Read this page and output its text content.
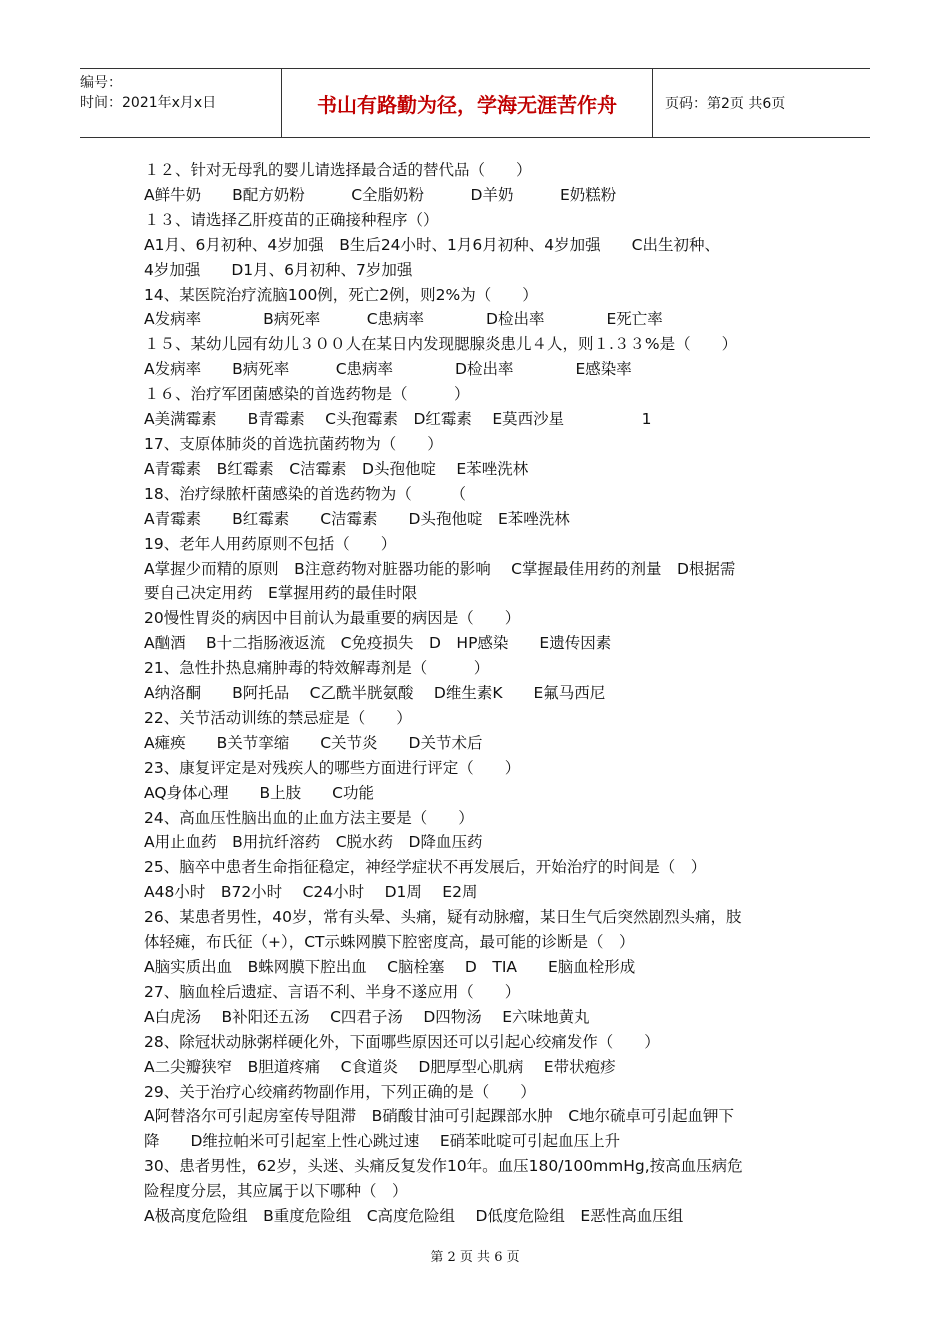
编号：
时间：2021年x月x日	书山有路勤为径，学海无涯苦作舟	页码：第2页 共6页
１２、针对无母乳的婴儿请选择最合适的替代品（　　）
A鲜牛奶　　B配方奶粉　　　C全脂奶粉　　　D羊奶　　　E奶糕粉
１３、请选择乙肝疫苗的正确接种程序（）
A1月、6月初种、4岁加强　B生后24小时、1月6月初种、4岁加强　　C出生初种、
4岁加强　　D1月、6月初种、7岁加强
14、某医院治疗流脑100例，死亡2例，则2%为（　　）
A发病率　　　　B病死率　　　C患病率　　　　D检出率　　　　E死亡率
１５、某幼儿园有幼儿３００人在某日内发现腮腺炎患儿４人，则１.３３%是（　　）
A发病率　　B病死率　　　C患病率　　　　D检出率　　　　E感染率
１６、治疗军团菌感染的首选药物是（　　　）
A美满霉素　　B青霉素　 C头孢霉素　D红霉素　 E莫西沙星　　　　　1
17、支原体肺炎的首选抗菌药物为（　　）
A青霉素　B红霉素　C洁霉素　D头孢他啶　 E苯唑洗林
18、治疗绿脓杆菌感染的首选药物为（　　　（
A青霉素　　B红霉素　　C洁霉素　　D头孢他啶　E苯唑洗林
19、老年人用药原则不包括（　　）
A掌握少而精的原则　B注意药物对脏器功能的影响　 C掌握最佳用药的剂量　D根据需
要自己决定用药　E掌握用药的最佳时限
20慢性胃炎的病因中目前认为最重要的病因是（　　）
A酗酒　 B十二指肠液返流　C免疫损失　D　HP感染　　E遗传因素
21、急性扑热息痛肿毒的特效解毒剂是（　　　）
A纳洛酮　　B阿托品　 C乙酰半胱氨酸　 D维生素K　　E氟马西尼
22、关节活动训练的禁忌症是（　　）
A瘫痪　　B关节挛缩　　C关节炎　　D关节术后
23、康复评定是对残疾人的哪些方面进行评定（　　）
AQ身体心理　　B上肢　　C功能
24、高血压性脑出血的止血方法主要是（　　）
A用止血药　B用抗纤溶药　C脱水药　D降血压药
25、脑卒中患者生命指征稳定，神经学症状不再发展后，开始治疗的时间是（　）
A48小时　B72小时　 C24小时　 D1周　 E2周
26、某患者男性，40岁，常有头晕、头痛，疑有动脉瘤，某日生气后突然剧烈头痛，肢
体轻瘫，布氏征（+），CT示蛛网膜下腔密度高，最可能的诊断是（　）
A脑实质出血　B蛛网膜下腔出血　 C脑栓塞　 D　TIA　　E脑血栓形成
27、脑血栓后遗症、言语不利、半身不遂应用（　　）
A白虎汤　 B补阳还五汤　 C四君子汤　 D四物汤　 E六味地黄丸
28、除冠状动脉粥样硬化外，下面哪些原因还可以引起心绞痛发作（　　）
A二尖瓣狭窄　B胆道疼痛　 C食道炎　 D肥厚型心肌病　 E带状疱疹
29、关于治疗心绞痛药物副作用，下列正确的是（　　）
A阿替洛尔可引起房室传导阻滞　B硝酸甘油可引起踝部水肿　C地尔硫卓可引起血钾下
降　　D维拉帕米可引起室上性心跳过速　 E硝苯吡啶可引起血压上升
30、患者男性，62岁，头迷、头痛反复发作10年。血压180/100mmHg,按高血压病危
险程度分层，其应属于以下哪种（　）
A极高度危险组　B重度危险组　C高度危险组　 D低度危险组　E恶性高血压组
第 2 页 共 6 页
